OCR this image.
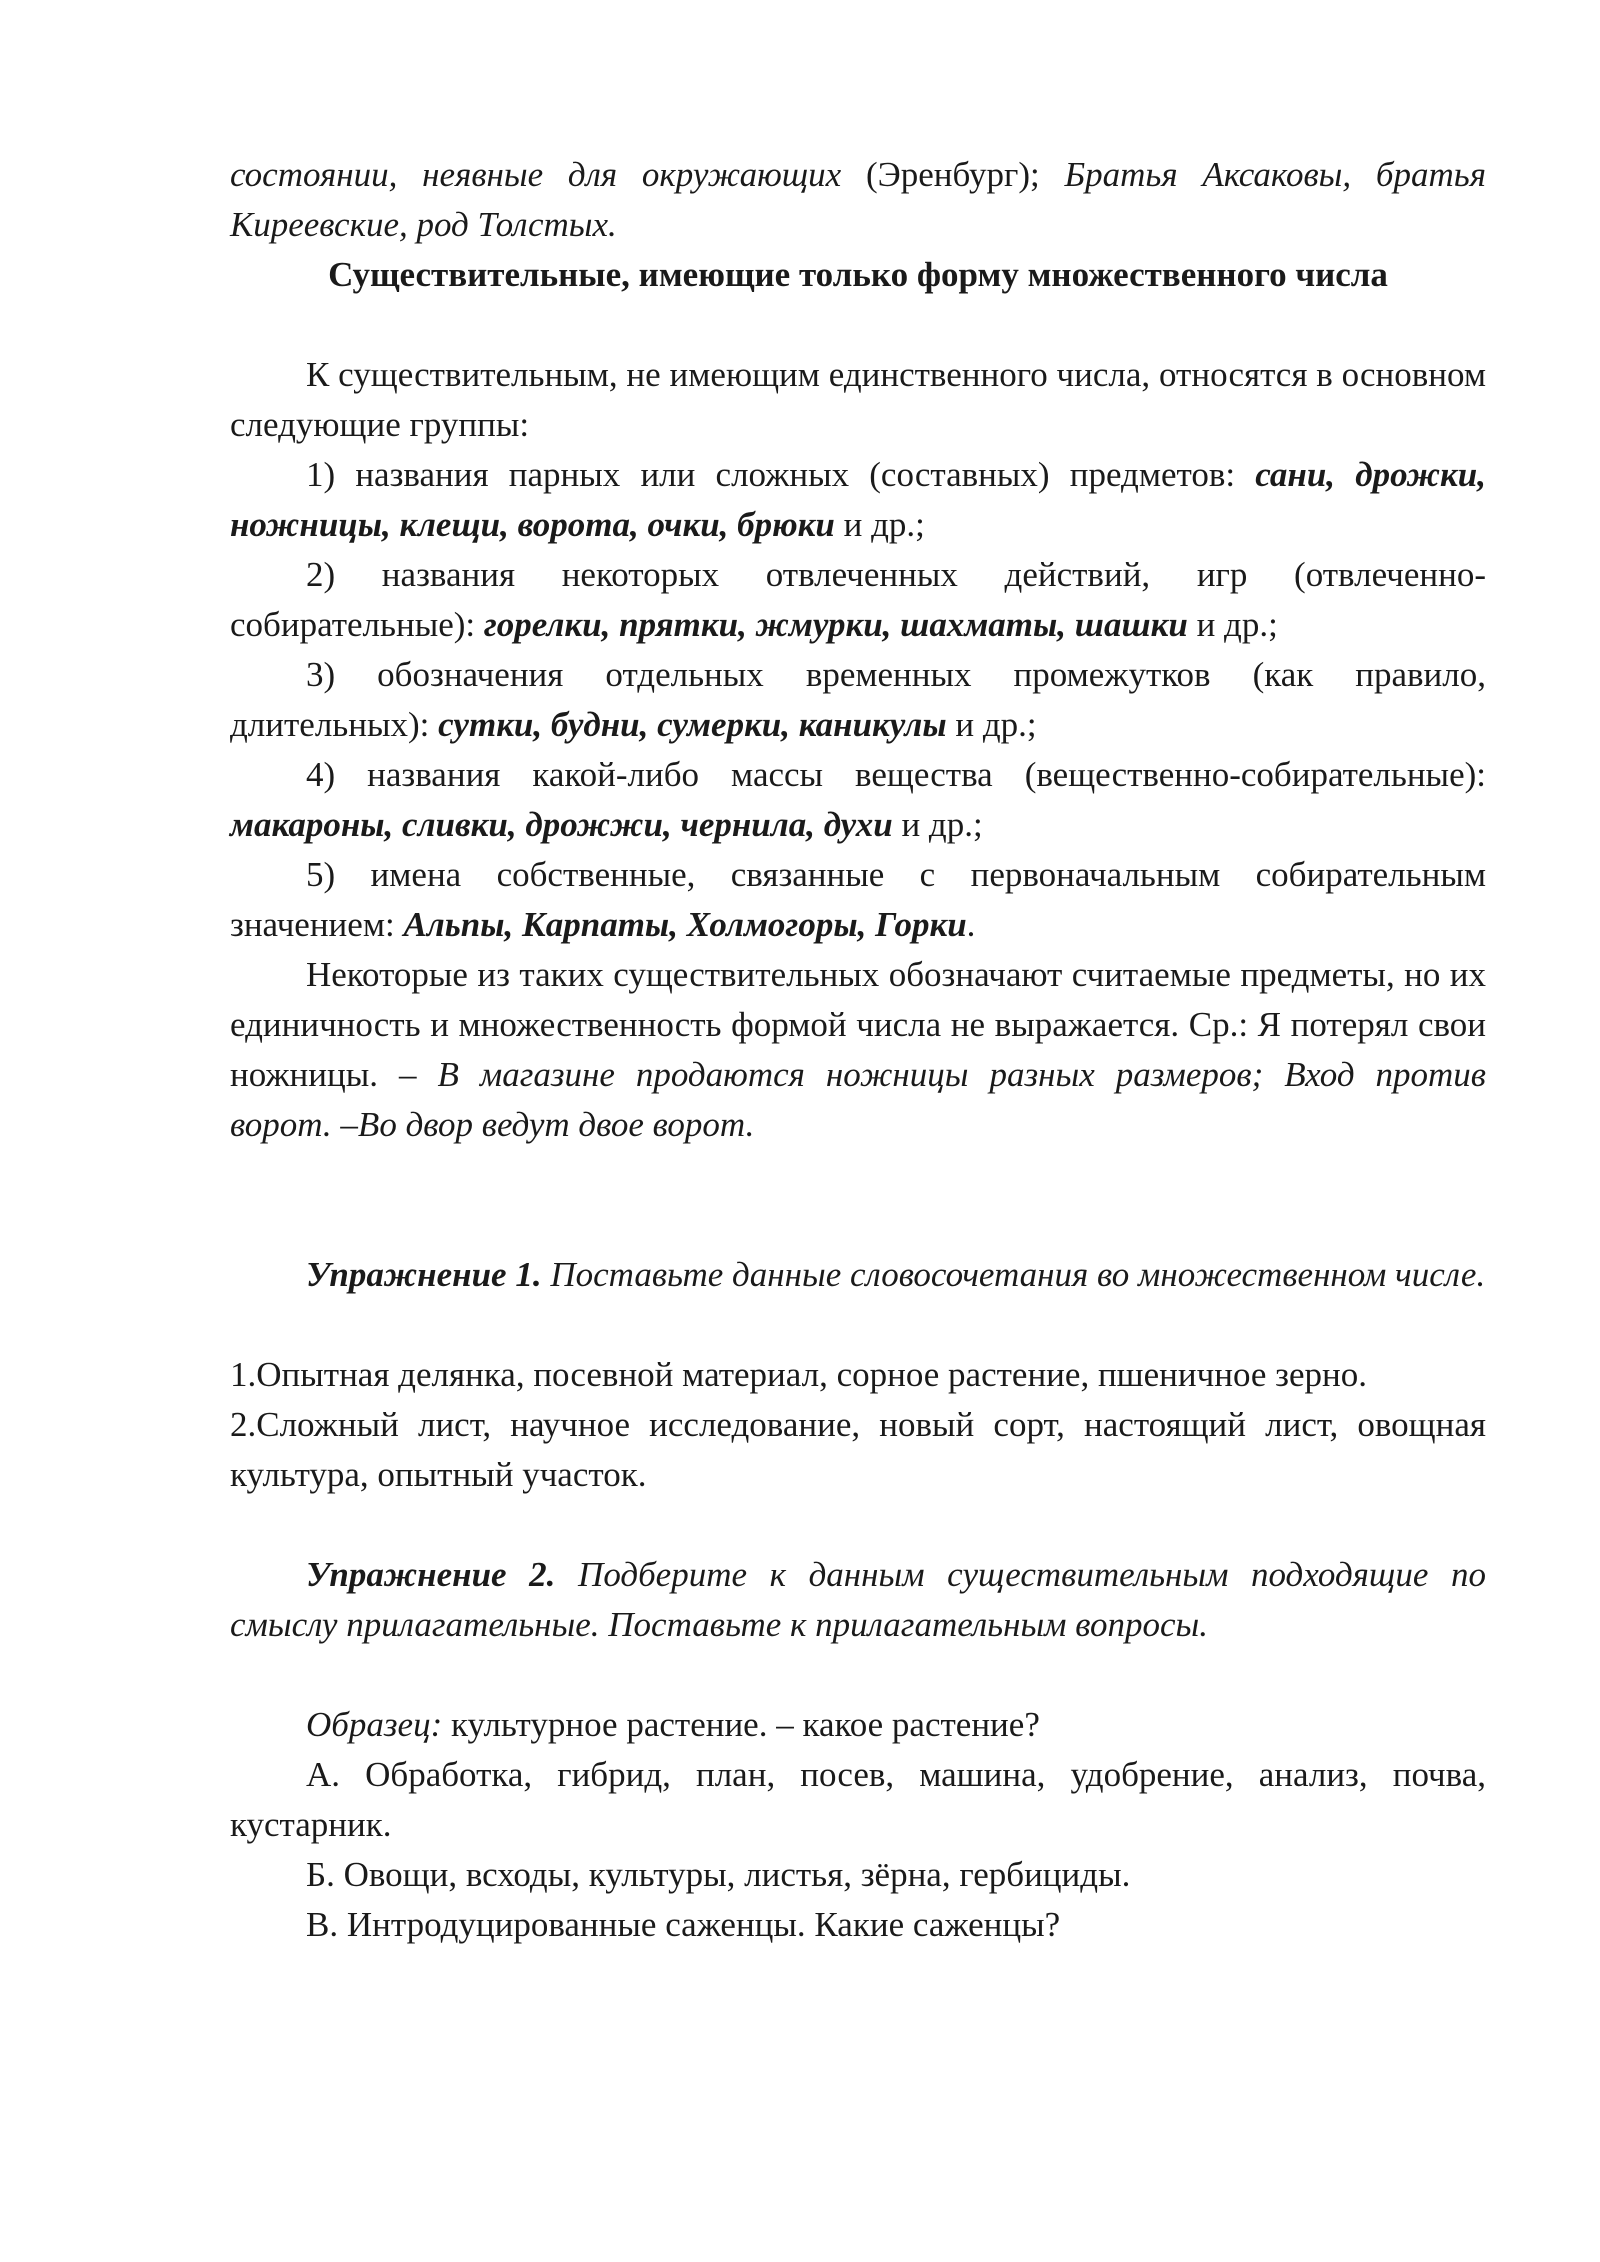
состоянии, неявные для окружающих (Эренбург); Братья Аксаковы, братья Киреевские, род Толстых.

Существительные, имеющие только форму множественного числа

К существительным, не имеющим единственного числа, относятся в основном следующие группы:

1) названия парных или сложных (составных) предметов: сани, дрожки, ножницы, клещи, ворота, очки, брюки и др.;

2) названия некоторых отвлеченных действий, игр (отвлеченно-собирательные): горелки, прятки, жмурки, шахматы, шашки и др.;

3) обозначения отдельных временных промежутков (как правило, длительных): сутки, будни, сумерки, каникулы и др.;

4) названия какой-либо массы вещества (вещественно-собирательные): макароны, сливки, дрожжи, чернила, духи и др.;

5) имена собственные, связанные с первоначальным собирательным значением: Альпы, Карпаты, Холмогоры, Горки.

Некоторые из таких существительных обозначают считаемые предметы, но их единичность и множественность формой числа не выражается. Ср.: Я потерял свои ножницы. – В магазине продаются ножницы разных размеров; Вход против ворот. –Во двор ведут двое ворот.

Упражнение 1. Поставьте данные словосочетания во множественном числе.

1.Опытная делянка, посевной материал, сорное растение, пшеничное зерно.

2.Сложный лист, научное исследование, новый сорт, настоящий лист, овощная культура, опытный участок.

Упражнение 2. Подберите к данным существительным подходящие по смыслу прилагательные. Поставьте к прилагательным вопросы.

Образец: культурное растение. – какое растение?

А. Обработка, гибрид, план, посев, машина, удобрение, анализ, почва, кустарник.

Б. Овощи, всходы, культуры, листья, зёрна, гербициды.

В. Интродуцированные саженцы. Какие саженцы?
